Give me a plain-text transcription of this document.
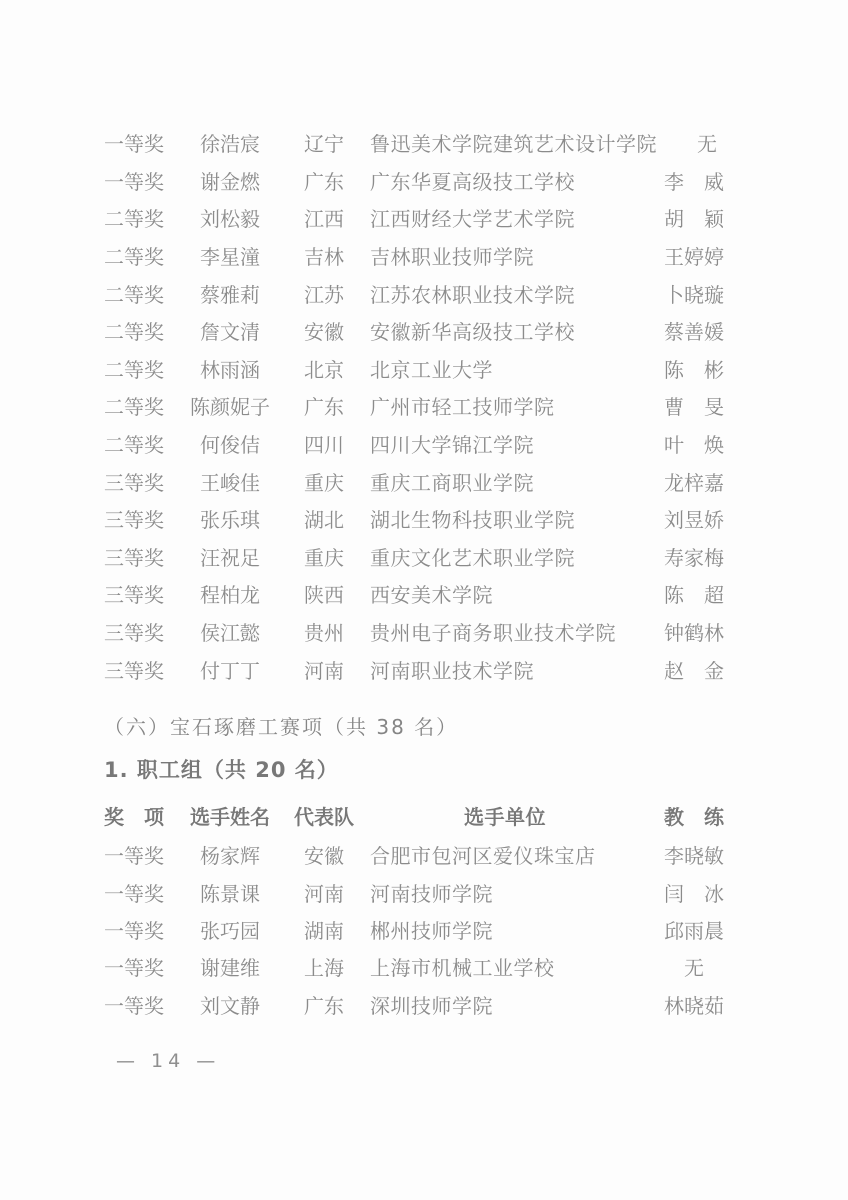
一等奖	徐浩宸	辽宁	鲁迅美术学院建筑艺术设计学院	无
一等奖	谢金燃	广东	广东华夏高级技工学校	李　威
二等奖	刘松毅	江西	江西财经大学艺术学院	胡　颖
二等奖	李星潼	吉林	吉林职业技师学院	王婷婷
二等奖	蔡雅莉	江苏	江苏农林职业技术学院	卜晓璇
二等奖	詹文清	安徽	安徽新华高级技工学校	蔡善媛
二等奖	林雨涵	北京	北京工业大学	陈　彬
二等奖	陈颜妮子	广东	广州市轻工技师学院	曹　旻
二等奖	何俊佶	四川	四川大学锦江学院	叶　焕
三等奖	王峻佳	重庆	重庆工商职业学院	龙梓嘉
三等奖	张乐琪	湖北	湖北生物科技职业学院	刘昱娇
三等奖	汪祝足	重庆	重庆文化艺术职业学院	寿家梅
三等奖	程柏龙	陕西	西安美术学院	陈　超
三等奖	侯江懿	贵州	贵州电子商务职业技术学院	钟鹤林
三等奖	付丁丁	河南	河南职业技术学院	赵　金
（六）宝石琢磨工赛项（共 38 名）
1. 职工组（共 20 名）
奖　项	选手姓名	代表队	选手单位	教　练
一等奖	杨家辉	安徽	合肥市包河区爱仪珠宝店	李晓敏
一等奖	陈景课	河南	河南技师学院	闫　冰
一等奖	张巧园	湖南	郴州技师学院	邱雨晨
一等奖	谢建维	上海	上海市机械工业学校	无
一等奖	刘文静	广东	深圳技师学院	林晓茹
— 14 —
